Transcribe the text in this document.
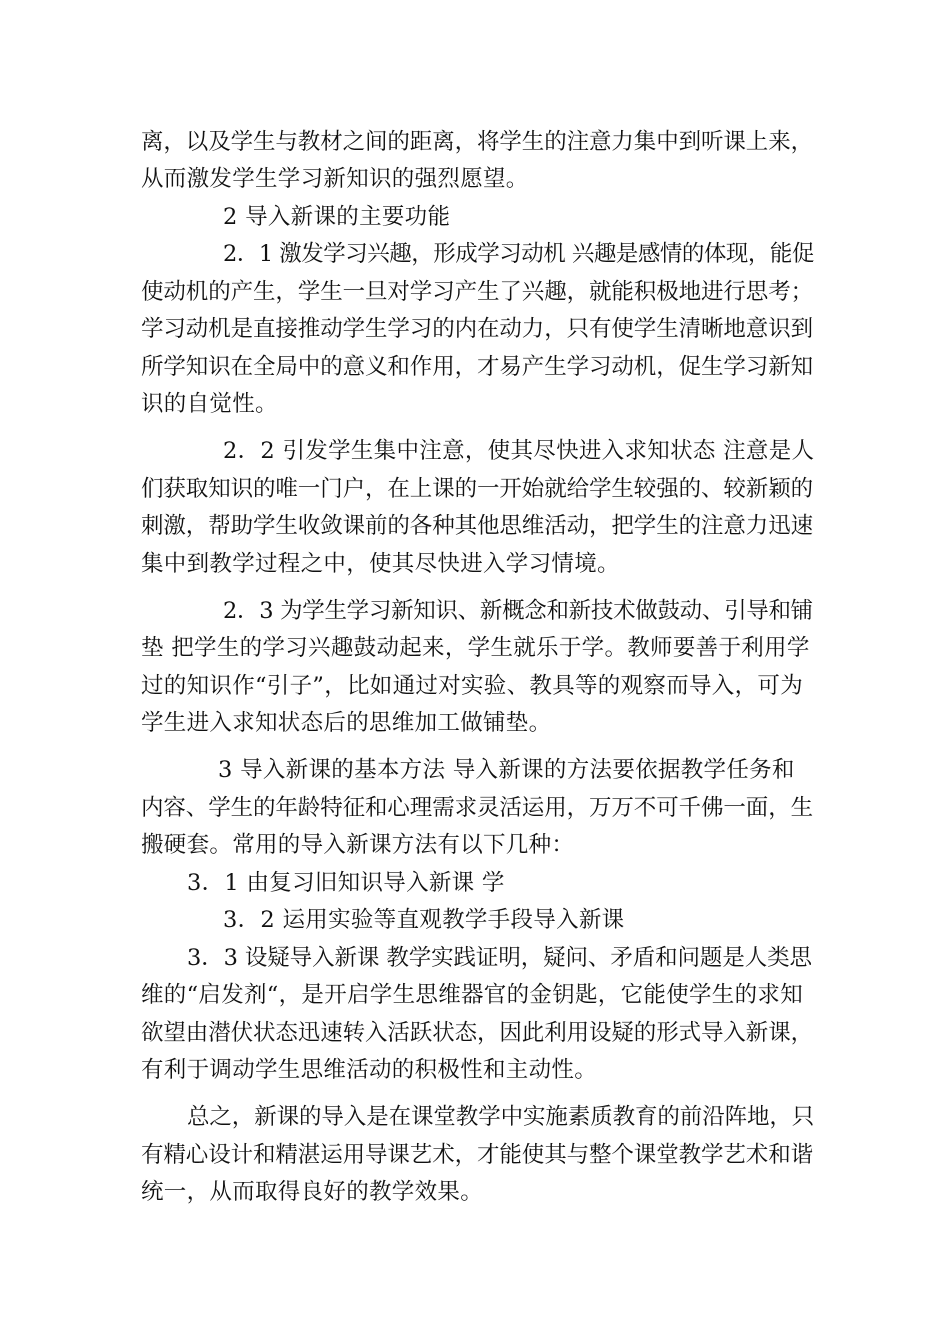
离，以及学生与教材之间的距离，将学生的注意力集中到听课上来，
从而激发学生学习新知识的强烈愿望。
2 导入新课的主要功能
2．1 激发学习兴趣，形成学习动机 兴趣是感情的体现，能促
使动机的产生，学生一旦对学习产生了兴趣，就能积极地进行思考；
学习动机是直接推动学生学习的内在动力，只有使学生清晰地意识到
所学知识在全局中的意义和作用，才易产生学习动机，促生学习新知
识的自觉性。
2．2 引发学生集中注意，使其尽快进入求知状态 注意是人
们获取知识的唯一门户，在上课的一开始就给学生较强的、较新颖的
刺激，帮助学生收敛课前的各种其他思维活动，把学生的注意力迅速
集中到教学过程之中，使其尽快进入学习情境。
2．3 为学生学习新知识、新概念和新技术做鼓动、引导和铺
垫 把学生的学习兴趣鼓动起来，学生就乐于学。教师要善于利用学
过的知识作“引子”，比如通过对实验、教具等的观察而导入，可为
学生进入求知状态后的思维加工做铺垫。
3 导入新课的基本方法 导入新课的方法要依据教学任务和
内容、学生的年龄特征和心理需求灵活运用，万万不可千佛一面，生
搬硬套。常用的导入新课方法有以下几种：
3．1 由复习旧知识导入新课 学
3．2 运用实验等直观教学手段导入新课
3．3 设疑导入新课 教学实践证明，疑问、矛盾和问题是人类思
维的“启发剂“，是开启学生思维器官的金钥匙，它能使学生的求知
欲望由潜伏状态迅速转入活跃状态，因此利用设疑的形式导入新课，
有利于调动学生思维活动的积极性和主动性。
总之，新课的导入是在课堂教学中实施素质教育的前沿阵地，只
有精心设计和精湛运用导课艺术，才能使其与整个课堂教学艺术和谐
统一，从而取得良好的教学效果。
